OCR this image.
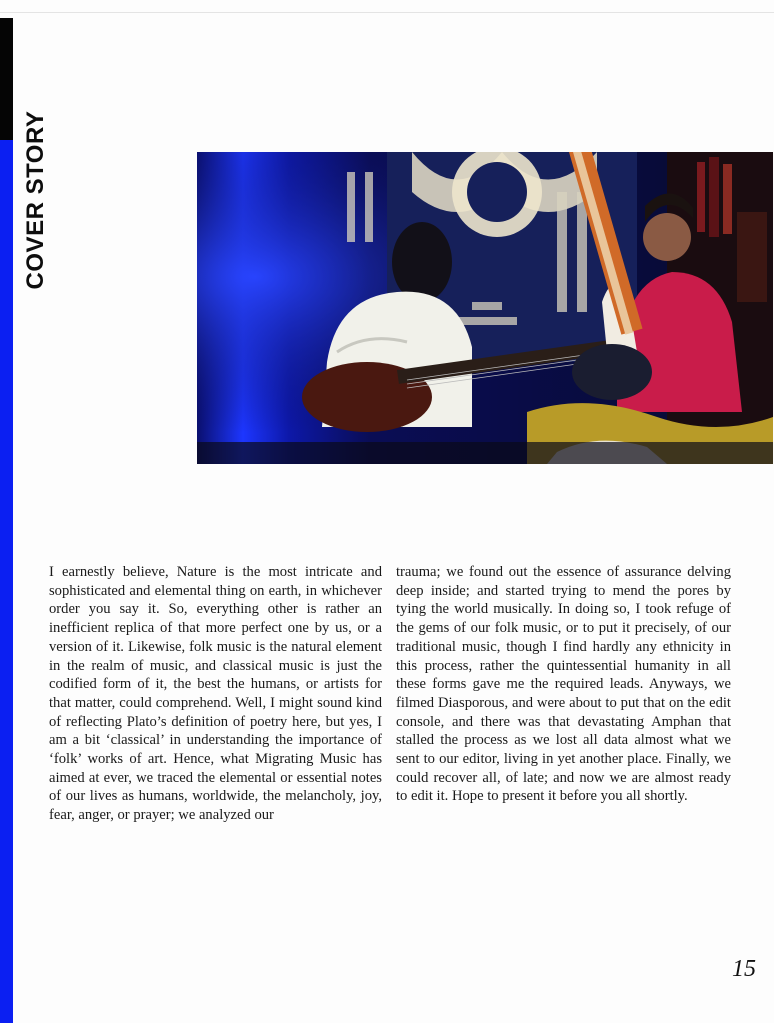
COVER STORY

I earnestly believe, Nature is the most intricate and sophisticated and elemental thing on earth, in whichever order you say it. So, everything other is rather an inefficient replica of that more perfect one by us, or a version of it. Likewise, folk music is the natural element in the realm of music, and classical music is just the codified form of it, the best the humans, or artists for that matter, could comprehend. Well, I might sound kind of reflecting Plato’s definition of poetry here, but yes, I am a bit ‘classical’ in understanding the importance of ‘folk’ works of art. Hence, what Migrating Music has aimed at ever, we traced the elemental or essential notes of our lives as humans, worldwide, the melancholy, joy, fear, anger, or prayer; we analyzed our

trauma; we found out the essence of assurance delving deep inside; and started trying to mend the pores by tying the world musically. In doing so, I took refuge of the gems of our folk music, or to put it precisely, of our traditional music, though I find hardly any ethnicity in this process, rather the quintessential humanity in all these forms gave me the required leads. Anyways, we filmed Diasporous, and were about to put that on the edit console, and there was that devastating Amphan that stalled the process as we lost all data almost what we sent to our editor, living in yet another place. Finally, we could recover all, of late; and now we are almost ready to edit it. Hope to present it before you all shortly.

15
